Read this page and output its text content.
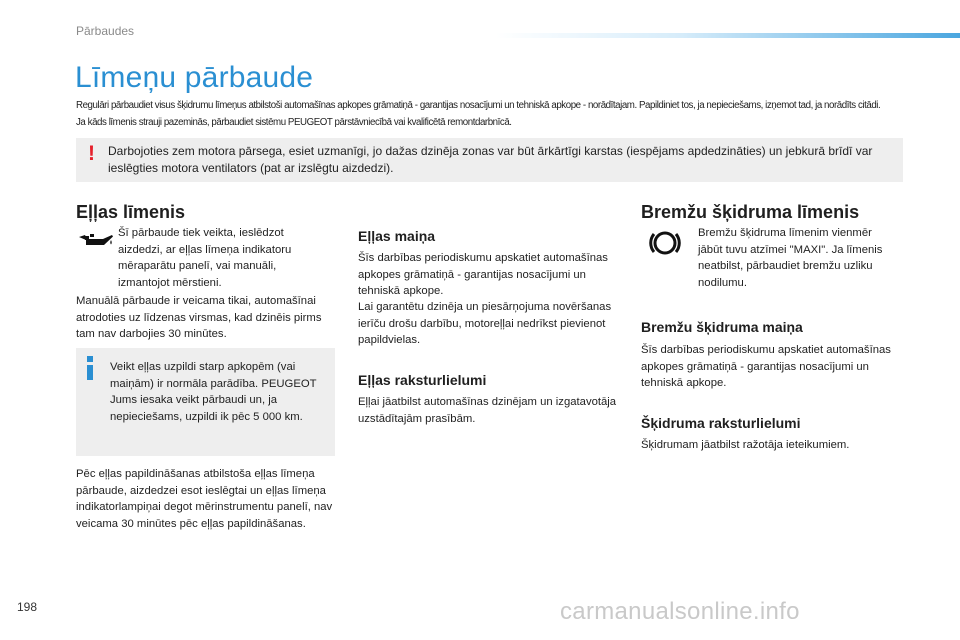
Pārbaudes
Līmeņu pārbaude

Regulāri pārbaudiet visus šķidrumu līmeņus atbilstoši automašīnas apkopes grāmatiņā - garantijas nosacījumi un tehniskā apkope - norādītajam. Papildiniet tos, ja nepieciešams, izņemot tad, ja norādīts citādi.

Ja kāds līmenis strauji pazeminās, pārbaudiet sistēmu PEUGEOT pārstāvniecībā vai kvalificētā remontdarbnīcā.

! Darbojoties zem motora pārsega, esiet uzmanīgi, jo dažas dzinēja zonas var būt ārkārtīgi karstas (iespējams apdedzināties) un jebkurā brīdī var ieslēgties motora ventilators (pat ar izslēgtu aizdedzi).
Eļļas līmenis
Šī pārbaude tiek veikta, ieslēdzot aizdedzi, ar eļļas līmeņa indikatoru mēraparātu panelī, vai manuāli, izmantojot mērstieni.
Manuālā pārbaude ir veicama tikai, automašīnai atrodoties uz līdzenas virsmas, kad dzinēis pirms tam nav darbojies 30 minūtes.
Veikt eļļas uzpildi starp apkopēm (vai maiņām) ir normāla parādība. PEUGEOT Jums iesaka veikt pārbaudi un, ja nepieciešams, uzpildi ik pēc 5 000 km.
Pēc eļļas papildināšanas atbilstoša eļļas līmeņa pārbaude, aizdedzei esot ieslēgtai un eļļas līmeņa indikatorlampiņai degot mērinstrumentu panelī, nav veicama 30 minūtes pēc eļļas papildināšanas.
Eļļas maiņa
Šīs darbības periodiskumu apskatiet automašīnas apkopes grāmatiņā - garantijas nosacījumi un tehniskā apkope.
Lai garantētu dzinēja un piesārņojuma novēršanas ierīču drošu darbību, motoreļļai nedrīkst pievienot papildvielas.
Eļļas raksturlielumi
Eļļai jāatbilst automašīnas dzinējam un izgatavotāja uzstādītajām prasībām.
Bremžu šķidruma līmenis
Bremžu šķidruma līmenim vienmēr jābūt tuvu atzīmei "MAXI". Ja līmenis neatbilst, pārbaudiet bremžu uzliku nodilumu.
Bremžu šķidruma maiņa
Šīs darbības periodiskumu apskatiet automašīnas apkopes grāmatiņā - garantijas nosacījumi un tehniskā apkope.
Šķidruma raksturlielumi
Šķidrumam jāatbilst ražotāja ieteikumiem.
198	carmanualsonline.info
